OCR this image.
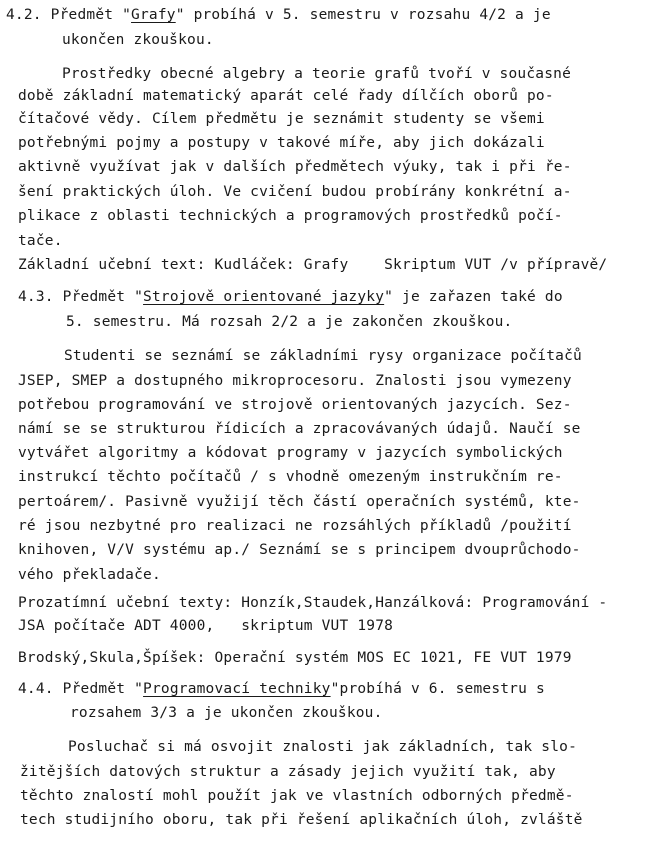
4.2. Předmět "Grafy" probíhá v 5. semestru v rozsahu 4/2 a je
ukončen zkouškou.
Prostředky obecné algebry a teorie grafů tvoří v současné
době základní matematický aparát celé řady dílčích oborů po-
čítačové vědy. Cílem předmětu je seznámit studenty se všemi
potřebnými pojmy a postupy v takové míře, aby jich dokázali
aktivně využívat jak v dalších předmětech výuky, tak i při ře-
šení praktických úloh. Ve cvičení budou probírány konkrétní a-
plikace z oblasti technických a programových prostředků počí-
tače.
Základní učební text: Kudláček: Grafy    Skriptum VUT /v přípravě/
4.3. Předmět "Strojově orientované jazyky" je zařazen také do
5. semestru. Má rozsah 2/2 a je zakončen zkouškou.
Studenti se seznámí se základními rysy organizace počítačů
JSEP, SMEP a dostupného mikroprocesoru. Znalosti jsou vymezeny
potřebou programování ve strojově orientovaných jazycích. Sez-
námí se se strukturou řídicích a zpracovávaných údajů. Naučí se
vytvářet algoritmy a kódovat programy v jazycích symbolických
instrukcí těchto počítačů / s vhodně omezeným instrukčním re-
pertoárem/. Pasivně využijí těch částí operačních systémů, kte-
ré jsou nezbytné pro realizaci ne rozsáhlých příkladů /použití
knihoven, V/V systému ap./ Seznámí se s principem dvouprůchodo-
vého překladače.
Prozatímní učební texty: Honzík,Staudek,Hanzálková: Programování -
JSA počítače ADT 4000,   skriptum VUT 1978
Brodský,Skula,Špíšek: Operační systém MOS EC 1021, FE VUT 1979
4.4. Předmět "Programovací techniky"probíhá v 6. semestru s
rozsahem 3/3 a je ukončen zkouškou.
Posluchač si má osvojit znalosti jak základních, tak slo-
žitějších datových struktur a zásady jejich využití tak, aby
těchto znalostí mohl použít jak ve vlastních odborných předmě-
tech studijního oboru, tak při řešení aplikačních úloh, zvláště
